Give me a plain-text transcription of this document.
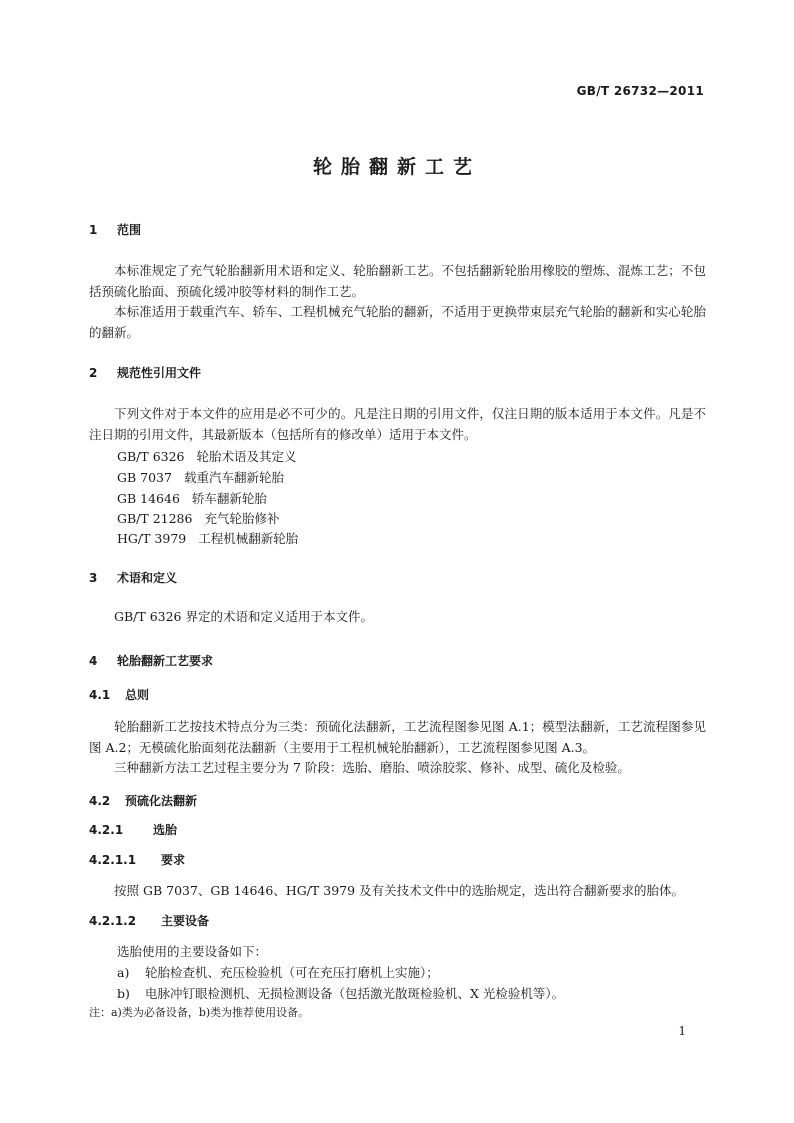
GB/T 26732—2011
轮胎翻新工艺
1 范围
本标准规定了充气轮胎翻新用术语和定义、轮胎翻新工艺。不包括翻新轮胎用橡胶的塑炼、混炼工艺；不包括预硫化胎面、预硫化缓冲胶等材料的制作工艺。
本标准适用于载重汽车、轿车、工程机械充气轮胎的翻新，不适用于更换带束层充气轮胎的翻新和实心轮胎的翻新。
2 规范性引用文件
下列文件对于本文件的应用是必不可少的。凡是注日期的引用文件，仅注日期的版本适用于本文件。凡是不注日期的引用文件，其最新版本（包括所有的修改单）适用于本文件。
GB/T 6326 轮胎术语及其定义
GB 7037 载重汽车翻新轮胎
GB 14646 轿车翻新轮胎
GB/T 21286 充气轮胎修补
HG/T 3979 工程机械翻新轮胎
3 术语和定义
GB/T 6326 界定的术语和定义适用于本文件。
4 轮胎翻新工艺要求
4.1 总则
轮胎翻新工艺按技术特点分为三类：预硫化法翻新，工艺流程图参见图 A.1；模型法翻新，工艺流程图参见图 A.2；无模硫化胎面刻花法翻新（主要用于工程机械轮胎翻新），工艺流程图参见图 A.3。
三种翻新方法工艺过程主要分为 7 阶段：选胎、磨胎、喷涂胶浆、修补、成型、硫化及检验。
4.2 预硫化法翻新
4.2.1 选胎
4.2.1.1 要求
按照 GB 7037、GB 14646、HG/T 3979 及有关技术文件中的选胎规定，选出符合翻新要求的胎体。
4.2.1.2 主要设备
选胎使用的主要设备如下：
a) 轮胎检查机、充压检验机（可在充压打磨机上实施）；
b) 电脉冲钉眼检测机、无损检测设备（包括激光散斑检验机、X 光检验机等）。
注：a)类为必备设备，b)类为推荐使用设备。
1
